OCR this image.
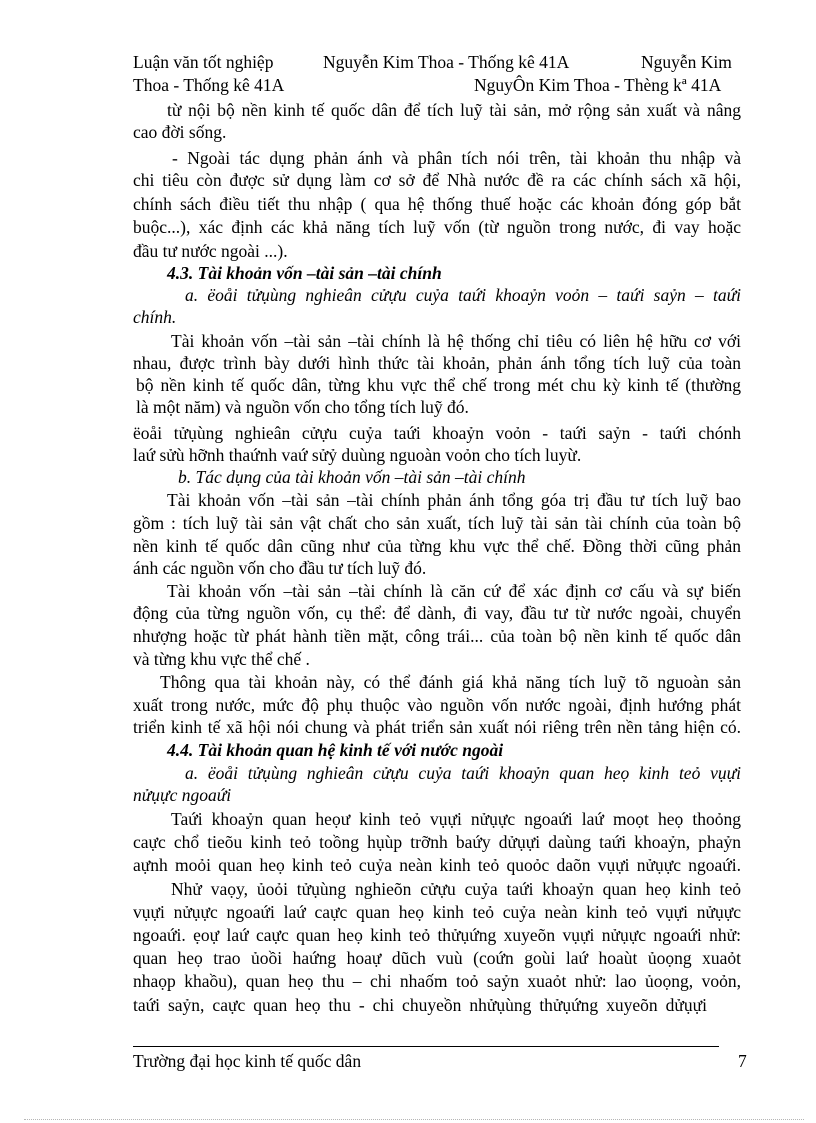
Luận văn tốt nghiệp	Nguyễn Kim Thoa - Thống kê 41A	Nguyễn Kim
Thoa - Thống kê 41A	NguyÔn Kim Thoa - Thèng kª 41A
từ nội bộ nền kinh tế quốc dân để tích luỹ tài sản, mở rộng sản xuất và nâng
cao đời sống.
- Ngoài tác dụng phản ánh và phân tích nói trên, tài khoản thu nhập và
chi tiêu còn được sử dụng làm cơ sở để Nhà nước đề ra các chính sách xã hội,
chính sách điều tiết thu nhập ( qua hệ thống thuế hoặc các khoản đóng góp bắt
buộc...), xác định các khả năng tích luỹ vốn (từ nguồn trong nước, đi vay hoặc
đầu tư nước ngoài ...).
4.3. Tài khoản vốn –tài sản –tài chính
a. ëoåi tửụùng nghieân cửựu cuỷa taứi khoaỷn voỏn – taứi saỷn – taứi
chính.
Tài khoản vốn –tài sản –tài chính là hệ thống chỉ tiêu có liên hệ hữu cơ với
nhau, được trình bày dưới hình thức tài khoản, phản ánh tổng tích luỹ của toàn
bộ nền kinh tế quốc dân, từng khu vực thể chế trong mét chu kỳ kinh tế (thường
là một năm) và nguồn vốn cho tổng tích luỹ đó.
ëoåi tửụùng nghieân cửựu cuỷa taứi khoaỷn voỏn - taứi saỷn - taứi chónh
laứ sửù hỡnh thaứnh vaứ sửỷ duùng nguoàn voỏn cho tích luyừ.
b. Tác dụng của tài khoản vốn –tài sản –tài chính
Tài khoản vốn –tài sản –tài chính phản ánh tổng góa trị đầu tư tích luỹ bao
gồm : tích luỹ tài sản vật chất cho sản xuất, tích luỹ tài sản tài chính của toàn bộ
nền kinh tế quốc dân cũng như của từng khu vực thể chế. Đồng thời cũng phản
ánh các nguồn vốn cho đầu tư tích luỹ đó.
Tài khoản vốn –tài sản –tài chính là căn cứ để xác định cơ cấu và sự biến
động của từng nguồn vốn, cụ thể: để dành, đi vay, đầu tư từ nước ngoài, chuyển
nhượng hoặc từ phát hành tiền mặt, công trái... của toàn bộ nền kinh tế quốc dân
và từng khu vực thể chế .
Thông qua tài khoản này, có thể đánh giá khả năng tích luỹ tõ nguoàn sản
xuất trong nước, mức độ phụ thuộc vào nguồn vốn nước ngoài, định hướng phát
triển kinh tế xã hội nói chung và phát triển sản xuất nói riêng trên nền tảng hiện có.
4.4. Tài khoản quan hệ kinh tế với nước ngoài
a. ëoåi tửụùng nghieân cửựu cuỷa taứi khoaỷn quan heọ kinh teỏ vụựi
nửụực ngoaứi
Taứi khoaỷn quan heọư kinh teỏ vụựi nửụực ngoaứi laứ moọt heọ thoỏng
caực chổ tieõu kinh teỏ toồng hụùp trỡnh baứy dửụựi daùng taứi khoaỷn, phaỷn
aựnh moỏi quan heọ kinh teỏ cuỷa neàn kinh teỏ quoỏc daõn vụựi nửụực ngoaứi.
Nhử vaọy, ủoỏi tửụùng nghieõn cửựu cuỷa taứi khoaỷn quan heọ kinh teỏ
vụựi nửụực ngoaứi laứ caực quan heọ kinh teỏ cuỷa neàn kinh teỏ vụựi nửụực
ngoaứi. ẹoự laứ caực quan heọ kinh teỏ thửụứng xuyeõn vụựi nửụực ngoaứi nhử:
quan heọ trao ủoồi haứng hoaự dũch vuù (coứn goùi laứ hoaùt ủoọng xuaỏt
nhaọp khaồu), quan heọ thu – chi nhaốm toỏ saỷn xuaỏt nhử: lao ủoọng, voỏn,
taứi saỷn, caực quan heọ thu - chi chuyeồn nhửụùng thửụứng xuyeõn dửụựi
Trường đại học kinh tế quốc dân	7
